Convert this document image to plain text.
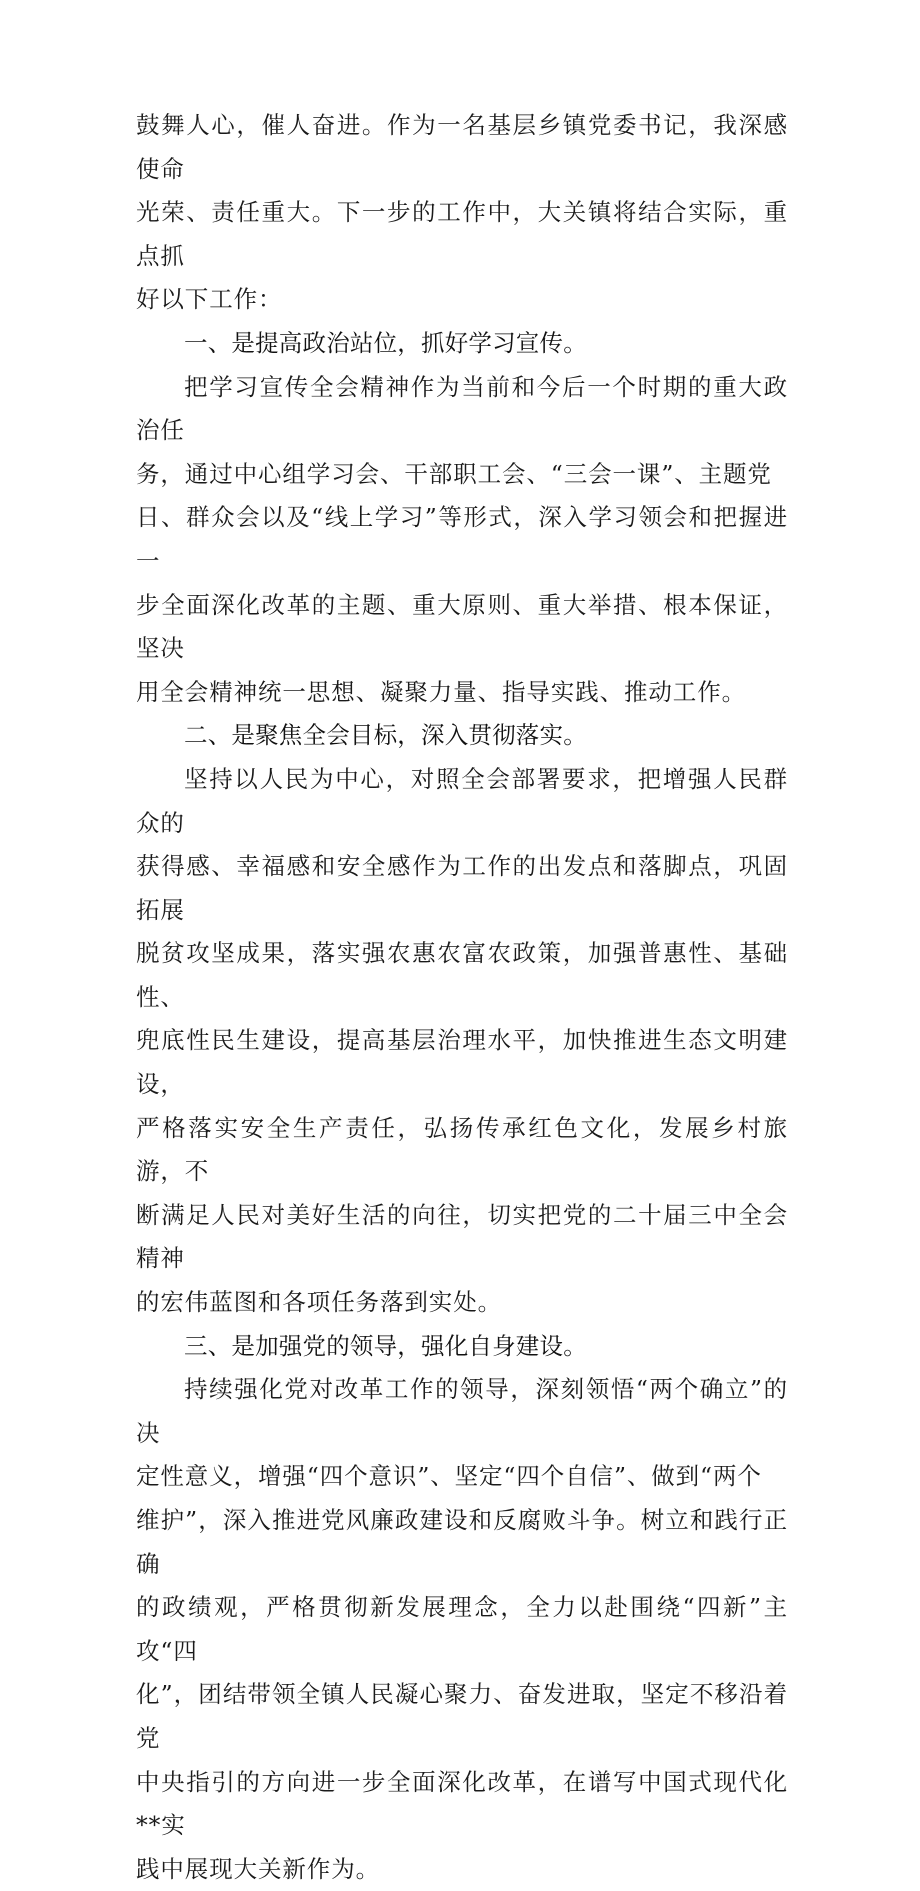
鼓舞人心，催人奋进。作为一名基层乡镇党委书记，我深感使命
光荣、责任重大。下一步的工作中，大关镇将结合实际，重点抓
好以下工作：

一、是提高政治站位，抓好学习宣传。

把学习宣传全会精神作为当前和今后一个时期的重大政治任
务，通过中心组学习会、干部职工会、“三会一课”、主题党
日、群众会以及“线上学习”等形式，深入学习领会和把握进一
步全面深化改革的主题、重大原则、重大举措、根本保证，坚决
用全会精神统一思想、凝聚力量、指导实践、推动工作。

二、是聚焦全会目标，深入贯彻落实。

坚持以人民为中心，对照全会部署要求，把增强人民群众的
获得感、幸福感和安全感作为工作的出发点和落脚点，巩固拓展
脱贫攻坚成果，落实强农惠农富农政策，加强普惠性、基础性、
兜底性民生建设，提高基层治理水平，加快推进生态文明建设，
严格落实安全生产责任，弘扬传承红色文化，发展乡村旅游，不
断满足人民对美好生活的向往，切实把党的二十届三中全会精神
的宏伟蓝图和各项任务落到实处。

三、是加强党的领导，强化自身建设。

持续强化党对改革工作的领导，深刻领悟“两个确立”的决
定性意义，增强“四个意识”、坚定“四个自信”、做到“两个
维护”，深入推进党风廉政建设和反腐败斗争。树立和践行正确
的政绩观，严格贯彻新发展理念，全力以赴围绕“四新”主攻“四
化”，团结带领全镇人民凝心聚力、奋发进取，坚定不移沿着党
中央指引的方向进一步全面深化改革，在谱写中国式现代化**实
践中展现大关新作为。
